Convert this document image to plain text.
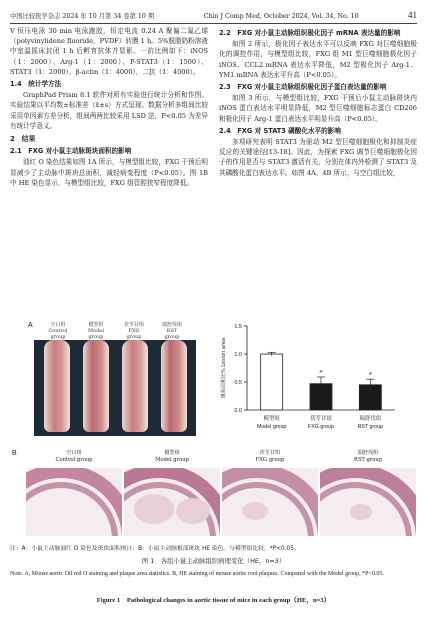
中国比较医学杂志 2024 年 10 月第 34 卷第 10 期	Chin J Comp Med, October 2024, Vol. 34, No. 10	41

V 恒压电泳 30 min 电泳跑胶，恒定电流 0.24 A 聚偏二氟乙烯（polyvinylidene fluoride，PVDF）转膜 1 h。5%脱脂奶粉溶液中室温摇床封闭 1 h 后孵育抗体并显影。一抗比例如下：iNOS（1：2000）、Arg-1（1：2000）、P-STAT3（1：1500）、STAT3（1：2000）、β-actin（1：4000），二抗（1：4000）。

1.4　统计学方法

GraphPad Prism 8.1 软件对所有实验进行统计分析和作图。实验结果以平均数±标准差（x̄±s）方式呈现。数据分析多组间比较采用单因素方差分析，组间两两比较采用 LSD 法，P<0.05 为差异有统计学意义。

2　结果
2.1　FXG 对小鼠主动脉斑块面积的影响

油红 O 染色结果如图 1A 所示，与模型组比较，FXG 干预后明显减少了主动脉中斑块总面积，减轻病变程度（P<0.05）。图 1B 中 HE 染色显示，与模型组比较，FXG 组管腔狭窄程度降低。

2.2　FXG 对小鼠主动脉组织极化因子 mRNA 表达量的影响

如图 2 所示，极化因子表达水平可以反映 FXG 对巨噬细胞极化的调控作用，与模型组比较，FXG 组 M1 型巨噬细胞极化因子 iNOS、CCL2 mRNA 表达水平降低，M2 型极化因子 Arg-1、YM1 mRNA 表达水平升高（P<0.05）。

2.3　FXG 对小鼠主动脉组织极化因子蛋白表达量的影响

如图 3 所示，与模型组比较，FXG 干预后小鼠主动脉斑块内 iNOS 蛋白表达水平明显降低，M2 型巨噬细胞标志蛋白 CD206 和极化因子 Arg-1 蛋白表达水平明显升高（P<0.05）。

2.4　FXG 对 STAT3 磷酸化水平的影响

多项研究表明 STAT3 为驱动 M2 型巨噬细胞极化和抑制炎症反应的关键途径[13-18]。因此，为探索 FXG 调节巨噬细胞极化因子的作用是否与 STAT3 激活有关，分别在体内外检测了 STAT3 及其磷酸化蛋白表达水平。如图 4A、4B 所示，与空白组比较，

A	空白组
Control
group
模型组
Model
group
茯苓甘组
FXG
group
瑞舒伐组
RST
group
0.0
0.5
1.0
1.5
斑块面积比% Lesion area
模型组
Model group
*
茯苓甘组
FXG group
*
瑞舒伐组
RST group
B	空白组
Control group
模型组
Model group
茯苓甘组
FXG group
瑞舒伐组
RST group
注：A：小鼠主动脉油红 O 染色及斑块面积统计；B：小鼠主动脉根部斑块 HE 染色。与模型组比较，*P<0.05。
图 1　各组小鼠主动脉组织病理变化（HE，n=3）
Note. A, Mouse aortic Oil red O staining and plaque area statistics. B, HE staining of mouse aortic root plaques. Compared with the Model group, *P<0.05.
Figure 1　Pathological changes in aortic tissue of mice in each group（HE，n=3）
